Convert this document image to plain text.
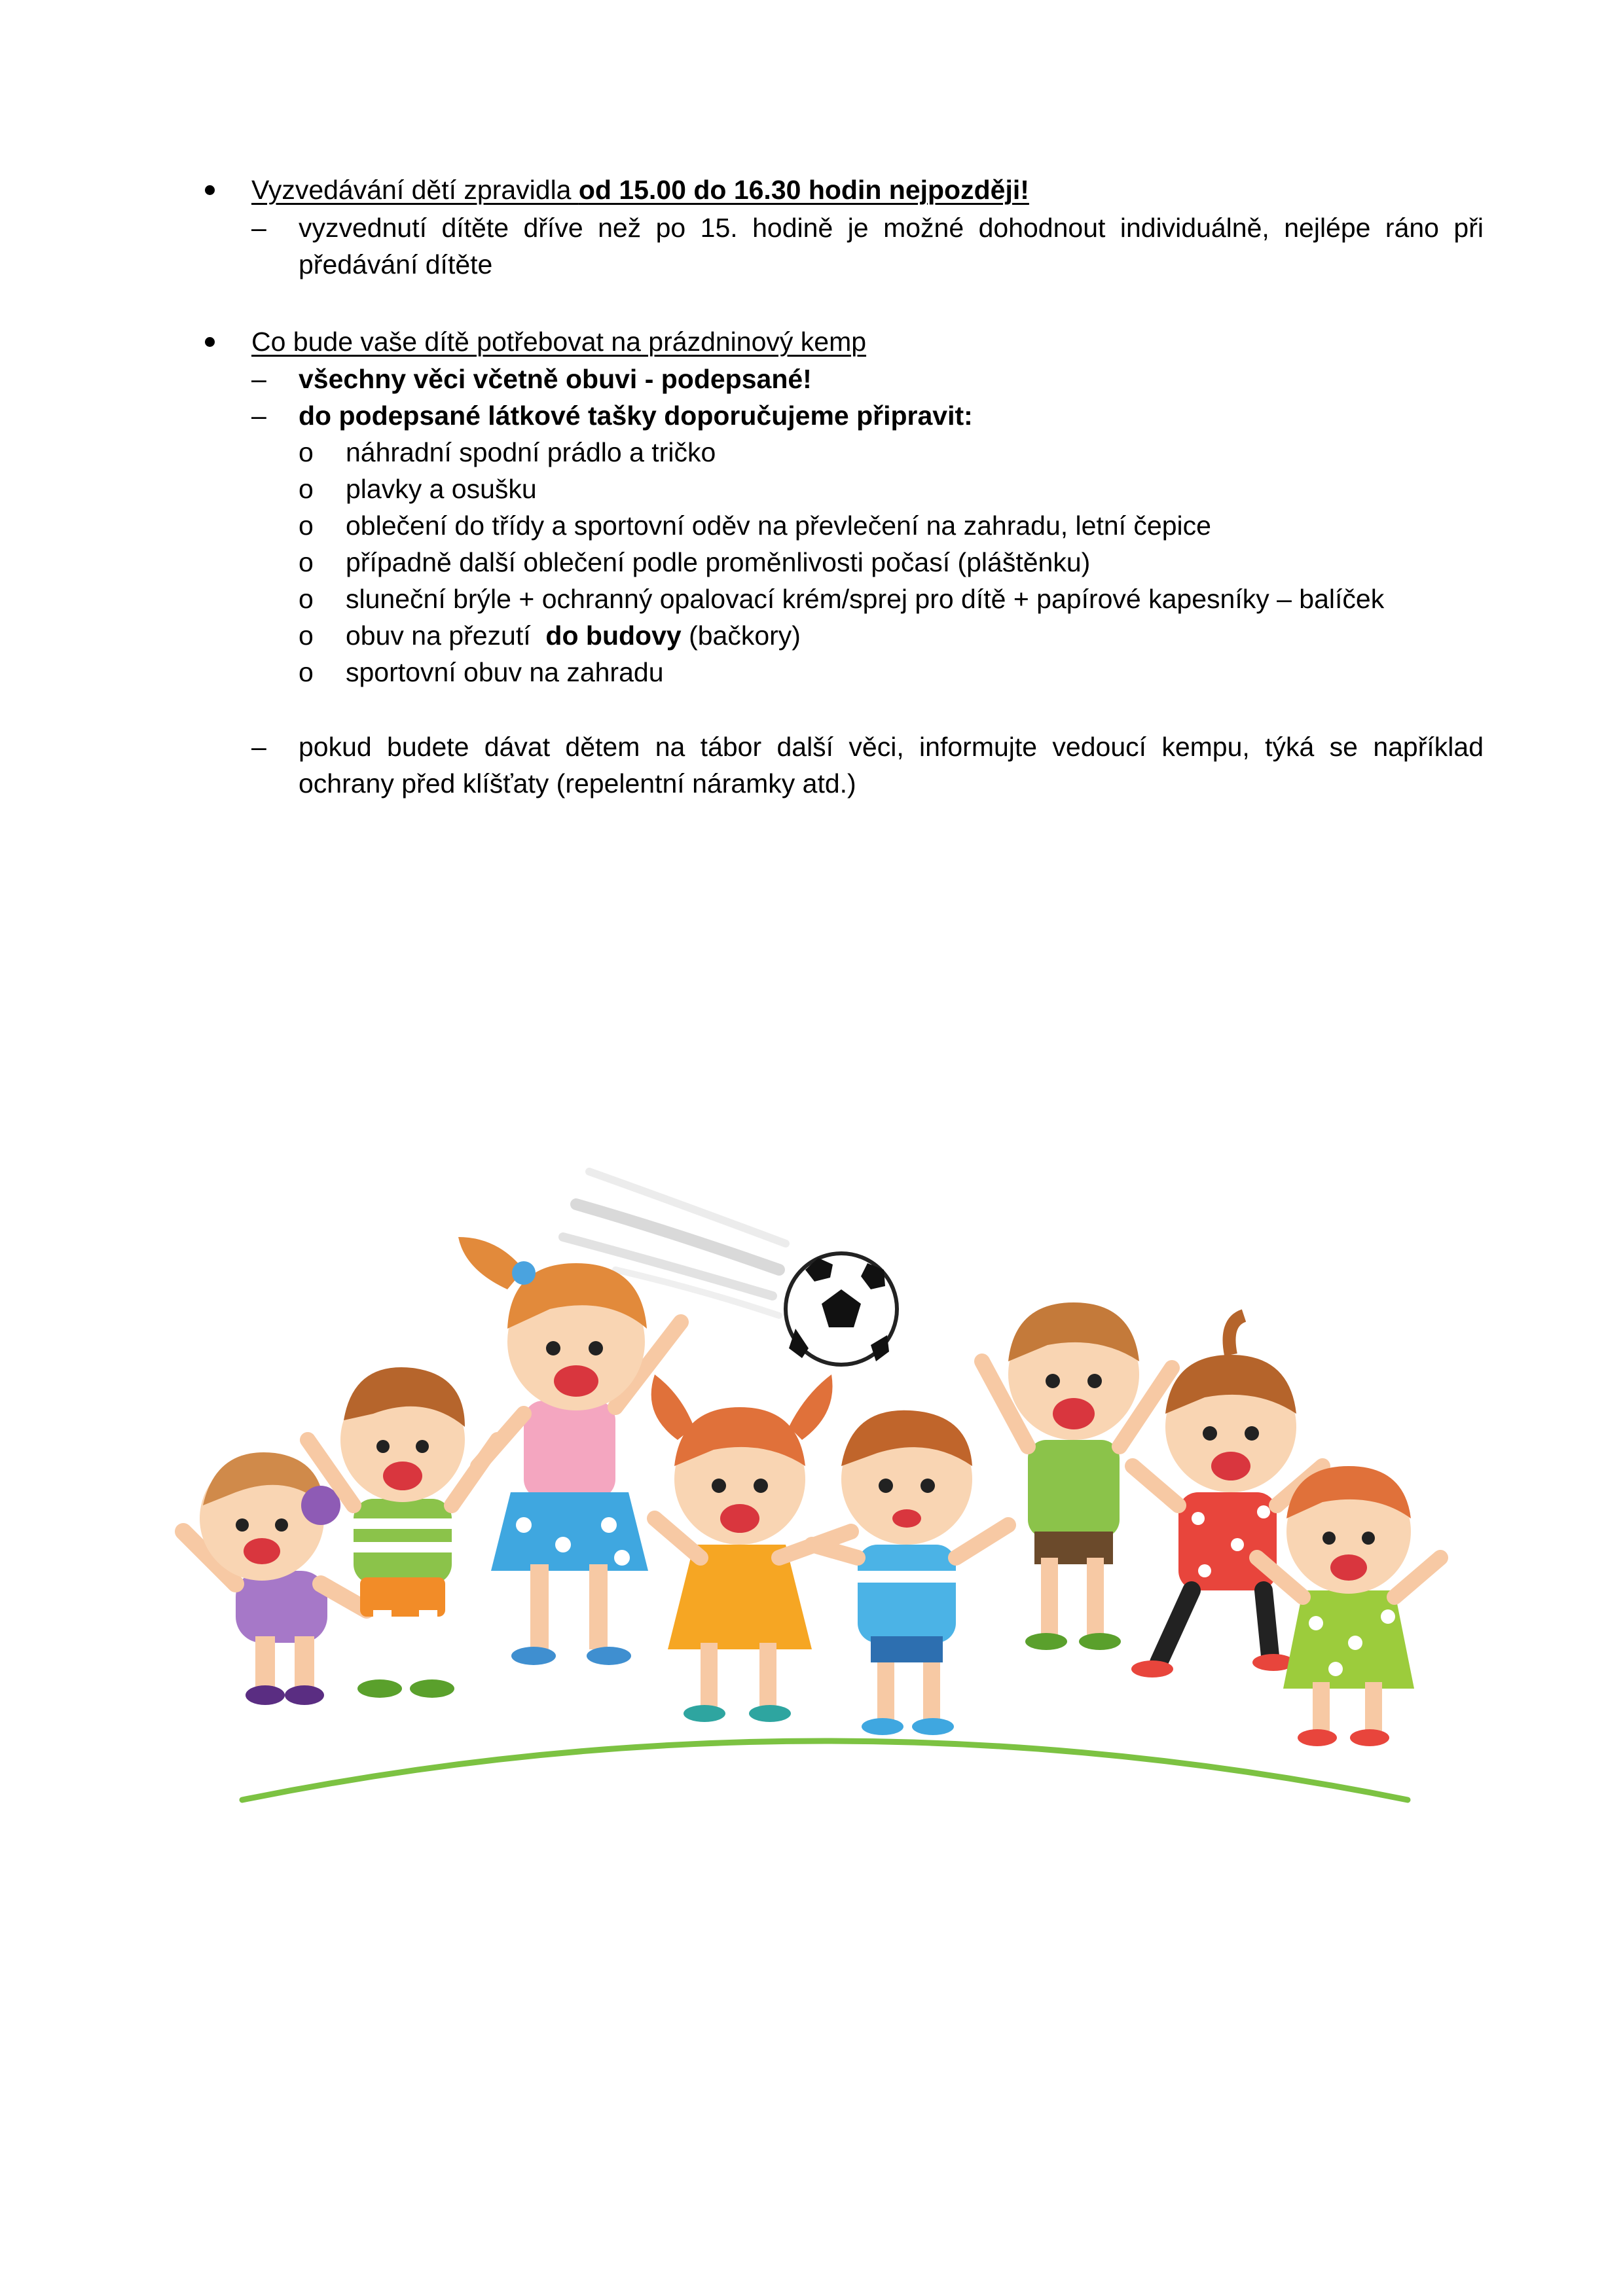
Vyzvedávání dětí zpravidla od 15.00 do 16.30 hodin nejpozději!
– vyzvednutí dítěte dříve než po 15. hodině je možné dohodnout individuálně, nejlépe ráno při předávání dítěte
Co bude vaše dítě potřebovat na prázdninový kemp
– všechny věci včetně obuvi - podepsané!
– do podepsané látkové tašky doporučujeme připravit:
o náhradní spodní prádlo a tričko
o plavky a osušku
o oblečení do třídy a sportovní oděv na převlečení na zahradu, letní čepice
o případně další oblečení podle proměnlivosti počasí (pláštěnku)
o sluneční brýle + ochranný opalovací krém/sprej pro dítě + papírové kapesníky – balíček
o obuv na přezutí  do budovy (bačkory)
o sportovní obuv na zahradu
– pokud budete dávat dětem na tábor další věci, informujte vedoucí kempu, týká se například ochrany před klíšťaty (repelentní náramky atd.)
